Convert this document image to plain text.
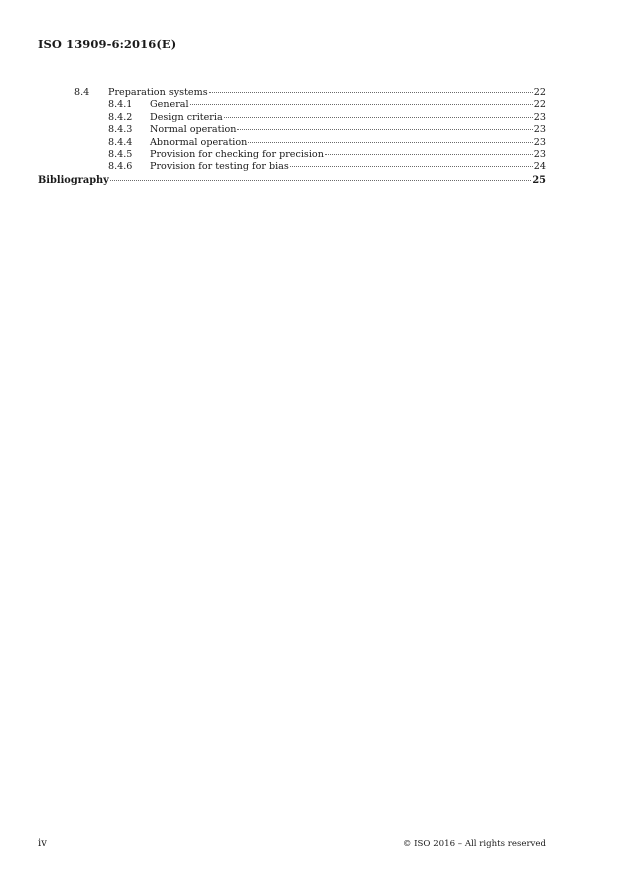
ISO 13909-6:2016(E)
8.4	Preparation systems	22
8.4.1	General	22
8.4.2	Design criteria	23
8.4.3	Normal operation	23
8.4.4	Abnormal operation	23
8.4.5	Provision for checking for precision	23
8.4.6	Provision for testing for bias	24
Bibliography	25
iv	© ISO 2016 – All rights reserved
